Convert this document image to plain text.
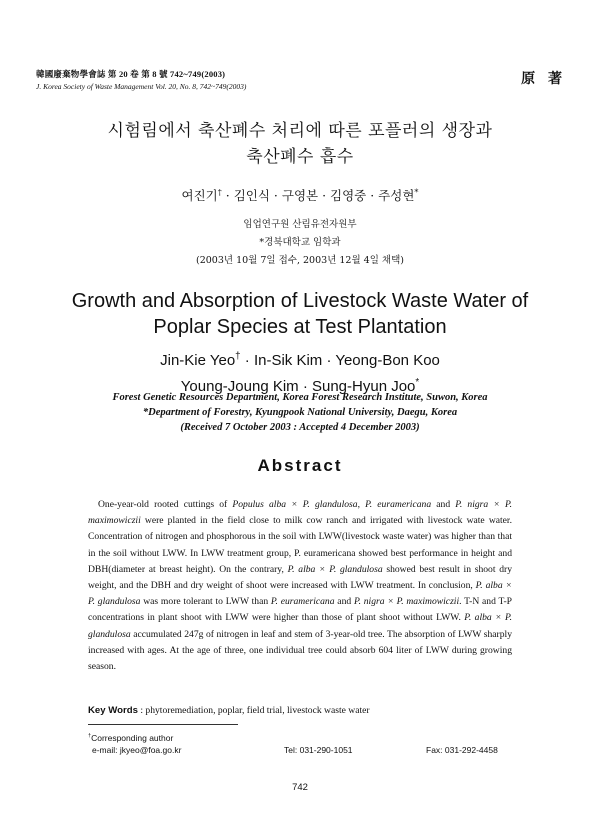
韓國廢棄物學會誌 第 20 卷 第 8 號 742~749(2003)
J. Korea Society of Waste Management Vol. 20, No. 8, 742~749(2003)	原 著
시험림에서 축산폐수 처리에 따른 포플러의 생장과
축산폐수 흡수
여진기† · 김인식 · 구영본 · 김영중 · 주성현*
임업연구원 산림유전자원부
*경북대학교 임학과
(2003년 10월 7일 접수, 2003년 12월 4일 채택)
Growth and Absorption of Livestock Waste Water of
Poplar Species at Test Plantation
Jin-Kie Yeo† · In-Sik Kim · Yeong-Bon Koo
Young-Joung Kim · Sung-Hyun Joo*
Forest Genetic Resources Department, Korea Forest Research Institute, Suwon, Korea
*Department of Forestry, Kyungpook National University, Daegu, Korea
(Received 7 October 2003 : Accepted 4 December 2003)
Abstract

One-year-old rooted cuttings of Populus alba × P. glandulosa, P. euramericana and P. nigra × P. maximowiczii were planted in the field close to milk cow ranch and irrigated with livestock wate water. Concentration of nitrogen and phosphorous in the soil with LWW(livestock waste water) was higher than that in the soil without LWW. In LWW treatment group, P. euramericana showed best performance in height and DBH(diameter at breast height). On the contrary, P. alba × P. glandulosa showed best result in shoot dry weight, and the DBH and dry weight of shoot were increased with LWW treatment. In conclusion, P. alba × P. glandulosa was more tolerant to LWW than P. euramericana and P. nigra × P. maximowiczii. T-N and T-P concentrations in plant shoot with LWW were higher than those of plant shoot without LWW. P. alba × P. glandulosa accumulated 247g of nitrogen in leaf and stem of 3-year-old tree. The absorption of LWW sharply increased with ages. At the age of three, one individual tree could absorb 604 liter of LWW during growing season.

Key Words : phytoremediation, poplar, field trial, livestock waste water
†Corresponding author
e-mail: jkyeo@foa.go.kr	Tel: 031-290-1051	Fax: 031-292-4458
742
